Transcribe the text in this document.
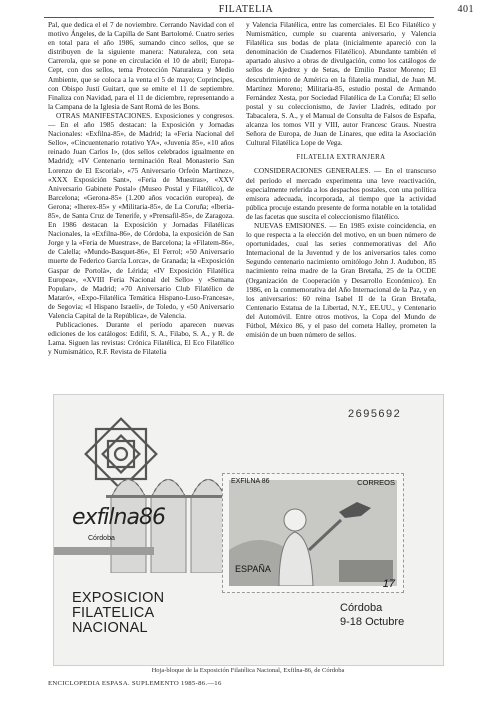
FILATELIA	401

Pal, que dedica el el 7 de noviembre. Cerrando Navidad con el motivo Ángeles, de la Capilla de Sant Bartolomé. Cuatro series en total para el año 1986, sumando cinco sellos, que se distribuyen de la siguiente manera: Naturaleza, con seta Carrerola, que se pone en circulación el 10 de abril; Europa-Cept, con dos sellos, tema Protección Naturaleza y Medio Ambiente, que se coloca a la venta el 5 de mayo; Coprincipes, con Obispo Justí Guitart, que se emite el 11 de septiembre. Finaliza con Navidad, para el 11 de diciembre, representando a la Campana de la Iglesia de Sant Romà de les Bons.

OTRAS MANIFESTACIONES. Exposiciones y congresos. — En el año 1985 destacan: la Exposición y Jornadas Nacionales: «Exfilna-85», de Madrid; la «Feria Nacional del Sello», «Cincuentenario rotativo YA», «Juvenia 85», «10 años reinado Juan Carlos I», (dos sellos celebrados igualmente en Madrid); «IV Centenario terminación Real Monasterio San Lorenzo de El Escorial», «75 Aniversario Orfeón Martínez», «XXX Exposición Sant», «Feria de Muestras», «XXV Aniversario Gabinete Postal» (Museo Postal y Filatélico), de Barcelona; «Gerona-85» (1.200 años vocación europea), de Gerona; «Iherex-85» y «Militaria-85», de La Coruña; «Iberia-85», de Santa Cruz de Tenerife, y «Prensafil-85», de Zaragoza. En 1986 destacan la Exposición y Jornadas Filatélicas Nacionales, la «Exfilna-86», de Córdoba, la exposición de San Jorge y la «Feria de Muestras», de Barcelona; la «Filatem-86», de Calella; «Mundo-Basquet-86», El Ferrol; «50 Aniversario muerte de Federico García Lorca», de Granada; la «Exposición Gaspar de Portolà», de Lérida; «IV Exposición Filatélica Europea», «XVIII Feria Nacional del Sello» y «Semana Popular», de Madrid; «70 Aniversario Club Filatélico de Mataró», «Expo-Filatélica Temática Hispano-Luso-Francesa», de Segovia; «I Hispano Israelí», de Toledo, y «50 Aniversario Valencia Capital de la República», de Valencia.

Publicaciones. Durante el período aparecen nuevas ediciones de los catálogos: Edifil, S. A., Filabo, S. A., y R. de Lama. Siguen las revistas: Crónica Filatélica, El Eco Filatélico y Numismático, R.F. Revista de Filatelia

y Valencia Filatélica, entre las comerciales. El Eco Filatélico y Numismático, cumple su cuarenta aniversario, y Valencia Filatélica sus bodas de plata (inicialmente apareció con la denominación de Cuadernos Filatélico). Abundante también el apartado alusivo a obras de divulgación, como los catálogos de sellos de Ajedrez y de Setas, de Emilio Pastor Moreno; El descubrimiento de América en la filatelia mundial, de Juan M. Martínez Moreno; Militaria-85, estudio postal de Armando Fernández Xesta, por Sociedad Filatélica de La Coruña; El sello postal y su coleccionismo, de Javier Lladrés, editado por Tabacalera, S. A., y el Manual de Consulta de Falsos de España, alcanza los tomos VII y VIII, autor Francesc Graus. Nuestra Señora de Europa, de Juan de Linares, que edita la Asociación Cultural Filatélica Lope de Vega.

FILATELIA EXTRANJERA

CONSIDERACIONES GENERALES. — En el transcurso del período el mercado experimenta una leve reactivación, especialmente referida a los despachos postales, con una política emisora adecuada, incorporada, al tiempo que la actividad pública procuje estando presente de forma notable en la totalidad de las facetas que suscita el coleccionismo filatélico.

NUEVAS EMISIONES. — En 1985 existe coincidencia, en lo que respecta a la elección del motivo, en un buen número de oportunidades, cual las series conmemorativas del Año Internacional de la Juventud y de los aniversarios tales como Segundo centenario nacimiento ornitólogo John J. Audubon, 85 nacimiento reina madre de la Gran Bretaña, 25 de la OCDE (Organización de Cooperación y Desarrollo Económico). En 1986, en la conmemorativa del Año Internacional de la Paz, y en los aniversarios: 60 reina Isabel II de la Gran Bretaña, Centenario Estatua de la Libertad, N.Y., EE.UU., y Centenario del Automóvil. Entre otros motivos, la Copa del Mundo de Fútbol, México 86, y el paso del cometa Halley, prometen la emisión de un buen número de sellos.

2695692
exfilna86
Córdoba
EXPOSICION
FILATELICA
NACIONAL
EXFILNA 86	CORREOS
ESPAÑA
17
Córdoba
9-18 Octubre
Hoja-bloque de la Exposición Filatélica Nacional, Exfilna-86, de Córdoba
ENCICLOPEDIA ESPASA. SUPLEMENTO 1985-86.—16
